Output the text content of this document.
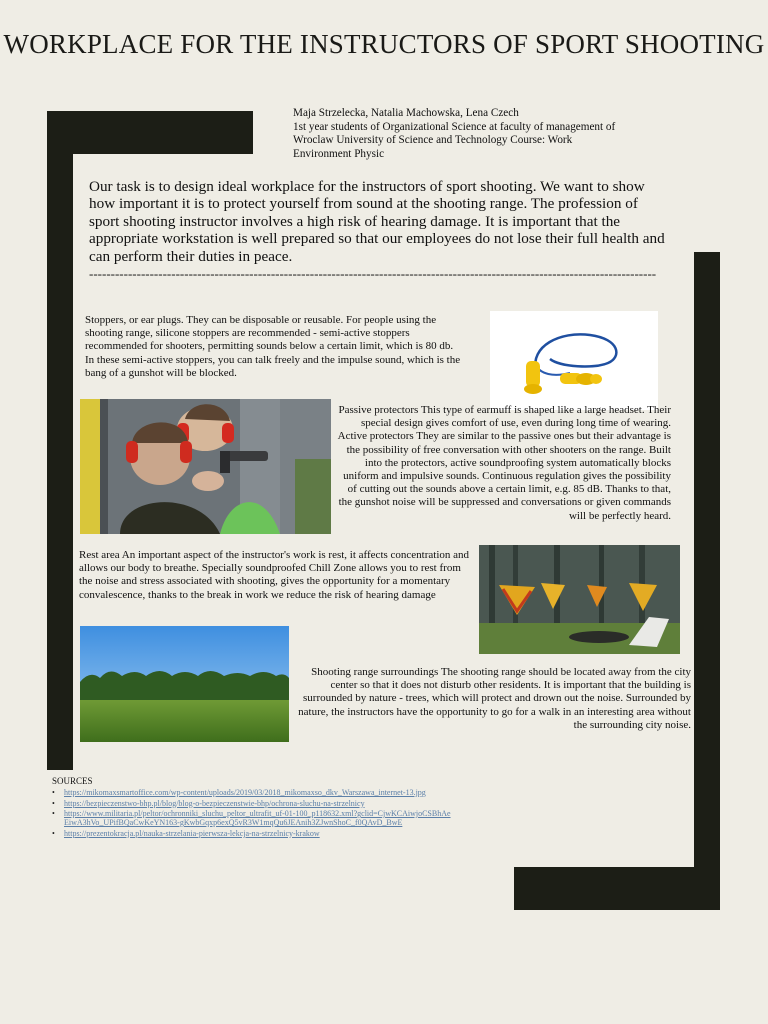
WORKPLACE FOR THE INSTRUCTORS OF SPORT SHOOTING
Maja Strzelecka, Natalia Machowska, Lena Czech
1st year students of Organizational Science at faculty of management of
Wroclaw University of Science and Technology Course: Work
Environment Physic
Our task is to design ideal workplace for the instructors of sport shooting. We want to show how important it is to protect yourself from sound at the shooting range. The profession of sport shooting instructor involves a high risk of hearing damage. It is important that the appropriate workstation is well prepared so that our employees do not lose their full health and can perform their duties in peace.
-----------------------------------------------------------------------------------------------------------------------------------
Stoppers, or ear plugs. They can be disposable or reusable. For people using the shooting range, silicone stoppers are recommended - semi-active stoppers recommended for shooters, permitting sounds below a certain limit, which is 80 db. In these semi-active stoppers, you can talk freely and the impulse sound, which is the bang of a gunshot will be blocked.
Passive protectors This type of earmuff is shaped like a large headset. Their special design gives comfort of use, even during long time of wearing. Active protectors They are similar to the passive ones but their advantage is the possibility of free conversation with other shooters on the range. Built into the protectors, active soundproofing system automatically blocks uniform and impulsive sounds. Continuous regulation gives the possibility of cutting out the sounds above a certain limit, e.g. 85 dB. Thanks to that, the gunshot noise will be suppressed and conversations or given commands will be perfectly heard.
Rest area An important aspect of the instructor's work is rest, it affects concentration and allows our body to breathe. Specially soundproofed Chill Zone allows you to rest from the noise and stress associated with shooting, gives the opportunity for a momentary convalescence, thanks to the break in work we reduce the risk of hearing damage
Shooting range surroundings The shooting range should be located away from the city center so that it does not disturb other residents. It is important that the building is surrounded by nature - trees, which will protect and drown out the noise. Surrounded by nature, the instructors have the opportunity to go for a walk in an interesting area without the surrounding city noise.
SOURCES
• https://mikomaxsmartoffice.com/wp-content/uploads/2019/03/2018_mikomaxso_dkv_Warszawa_internet-13.jpg
• https://bezpieczenstwo-bhp.pl/blog/blog-o-bezpieczenstwie-bhp/ochrona-sluchu-na-strzelnicy
• https://www.militaria.pl/peltor/ochronniki_sluchu_peltor_ultrafit_uf-01-100_p118632.xml?gclid=CjwKCAiwjoCSBhAeEiwA3hVo_UPifBQaCwKeYN163-gKwbGqxp6exQ5vR3W1mqQu6JEAnih3ZJwnShoC_f0QAvD_BwE
• https://prezentokracja.pl/nauka-strzelania-pierwsza-lekcja-na-strzelnicy-krakow
